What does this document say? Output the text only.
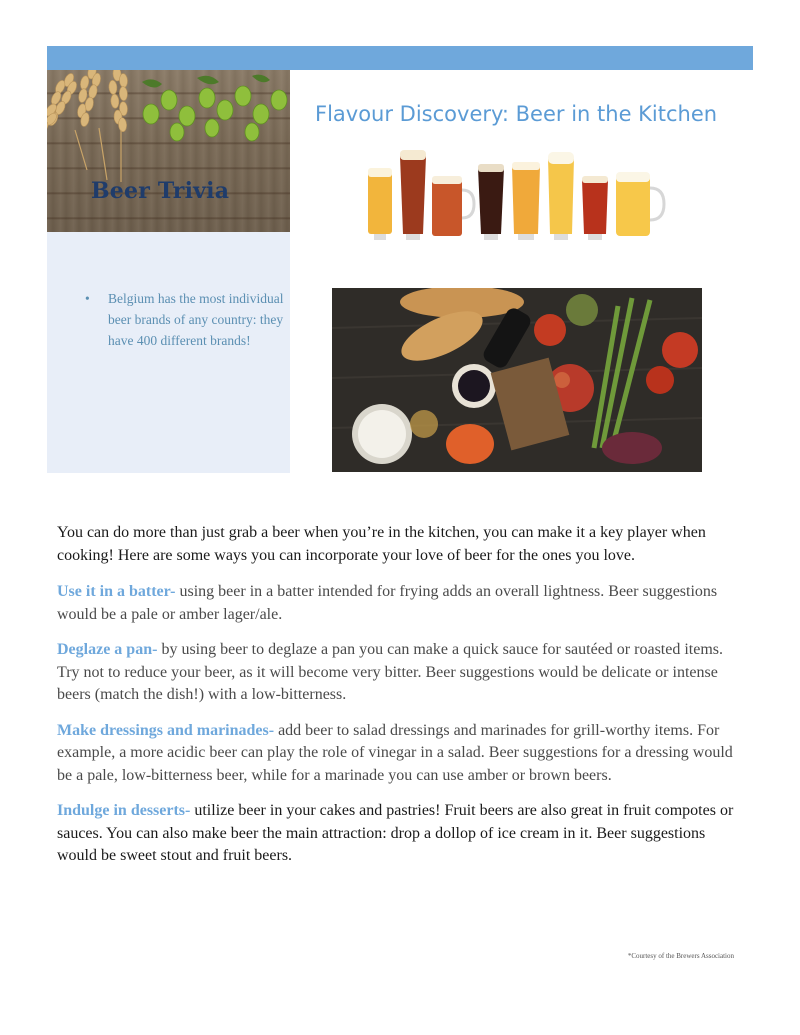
Beer Trivia
• Belgium has the most individual beer brands of any country: they have 400 different brands!
Flavour Discovery: Beer in the Kitchen

You can do more than just grab a beer when you’re in the kitchen, you can make it a key player when cooking! Here are some ways you can incorporate your love of beer for the ones you love.

Use it in a batter- using beer in a batter intended for frying adds an overall lightness. Beer suggestions would be a pale or amber lager/ale.

Deglaze a pan- by using beer to deglaze a pan you can make a quick sauce for sautéed or roasted items. Try not to reduce your beer, as it will become very bitter. Beer suggestions would be delicate or intense beers (match the dish!) with a low-bitterness.

Make dressings and marinades- add beer to salad dressings and marinades for grill-worthy items. For example, a more acidic beer can play the role of vinegar in a salad. Beer suggestions for a dressing would be a pale, low-bitterness beer, while for a marinade you can use amber or brown beers.

Indulge in desserts- utilize beer in your cakes and pastries! Fruit beers are also great in fruit compotes or sauces. You can also make beer the main attraction: drop a dollop of ice cream in it. Beer suggestions would be sweet stout and fruit beers.

*Courtesy of the Brewers Association
